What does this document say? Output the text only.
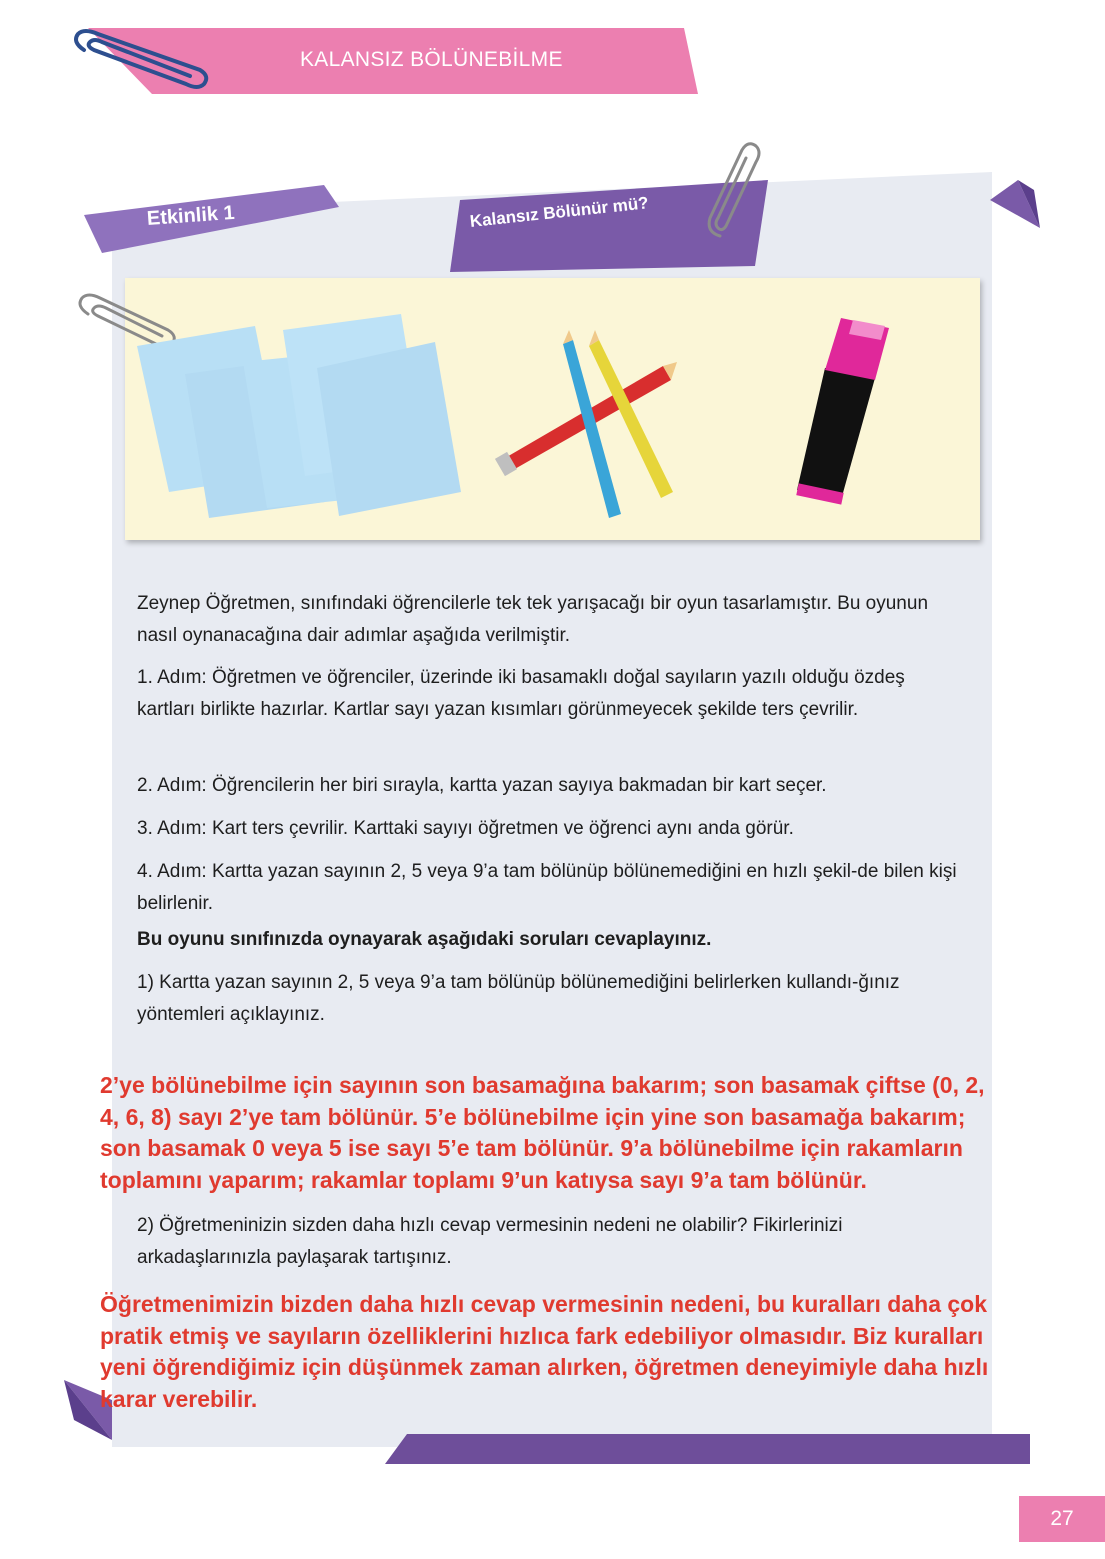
KALANSIZ BÖLÜNEBİLME
Etkinlik 1	Kalansız Bölünür mü?
Zeynep Öğretmen, sınıfındaki öğrencilerle tek tek yarışacağı bir oyun tasarlamıştır. Bu oyunun nasıl oynanacağına dair adımlar aşağıda verilmiştir.
1. Adım: Öğretmen ve öğrenciler, üzerinde iki basamaklı doğal sayıların yazılı olduğu özdeş kartları birlikte hazırlar. Kartlar sayı yazan kısımları görünmeyecek şekilde ters çevrilir.
2. Adım: Öğrencilerin her biri sırayla, kartta yazan sayıya bakmadan bir kart seçer.
3. Adım: Kart ters çevrilir. Karttaki sayıyı öğretmen ve öğrenci aynı anda görür.
4. Adım: Kartta yazan sayının 2, 5 veya 9’a tam bölünüp bölünemediğini en hızlı şekil-de bilen kişi belirlenir.
Bu oyunu sınıfınızda oynayarak aşağıdaki soruları cevaplayınız.
1) Kartta yazan sayının 2, 5 veya 9’a tam bölünüp bölünemediğini belirlerken kullandı-ğınız yöntemleri açıklayınız.
2’ye bölünebilme için sayının son basamağına bakarım; son basamak çiftse (0, 2, 4, 6, 8) sayı 2’ye tam bölünür. 5’e bölünebilme için yine son basamağa bakarım; son basamak 0 veya 5 ise sayı 5’e tam bölünür. 9’a bölünebilme için rakamların toplamını yaparım; rakamlar toplamı 9’un katıysa sayı 9’a tam bölünür.
2) Öğretmeninizin sizden daha hızlı cevap vermesinin nedeni ne olabilir? Fikirlerinizi arkadaşlarınızla paylaşarak tartışınız.
Öğretmenimizin bizden daha hızlı cevap vermesinin nedeni, bu kuralları daha çok pratik etmiş ve sayıların özelliklerini hızlıca fark edebiliyor olmasıdır. Biz kuralları yeni öğrendiğimiz için düşünmek zaman alırken, öğretmen deneyimiyle daha hızlı karar verebilir.
27
